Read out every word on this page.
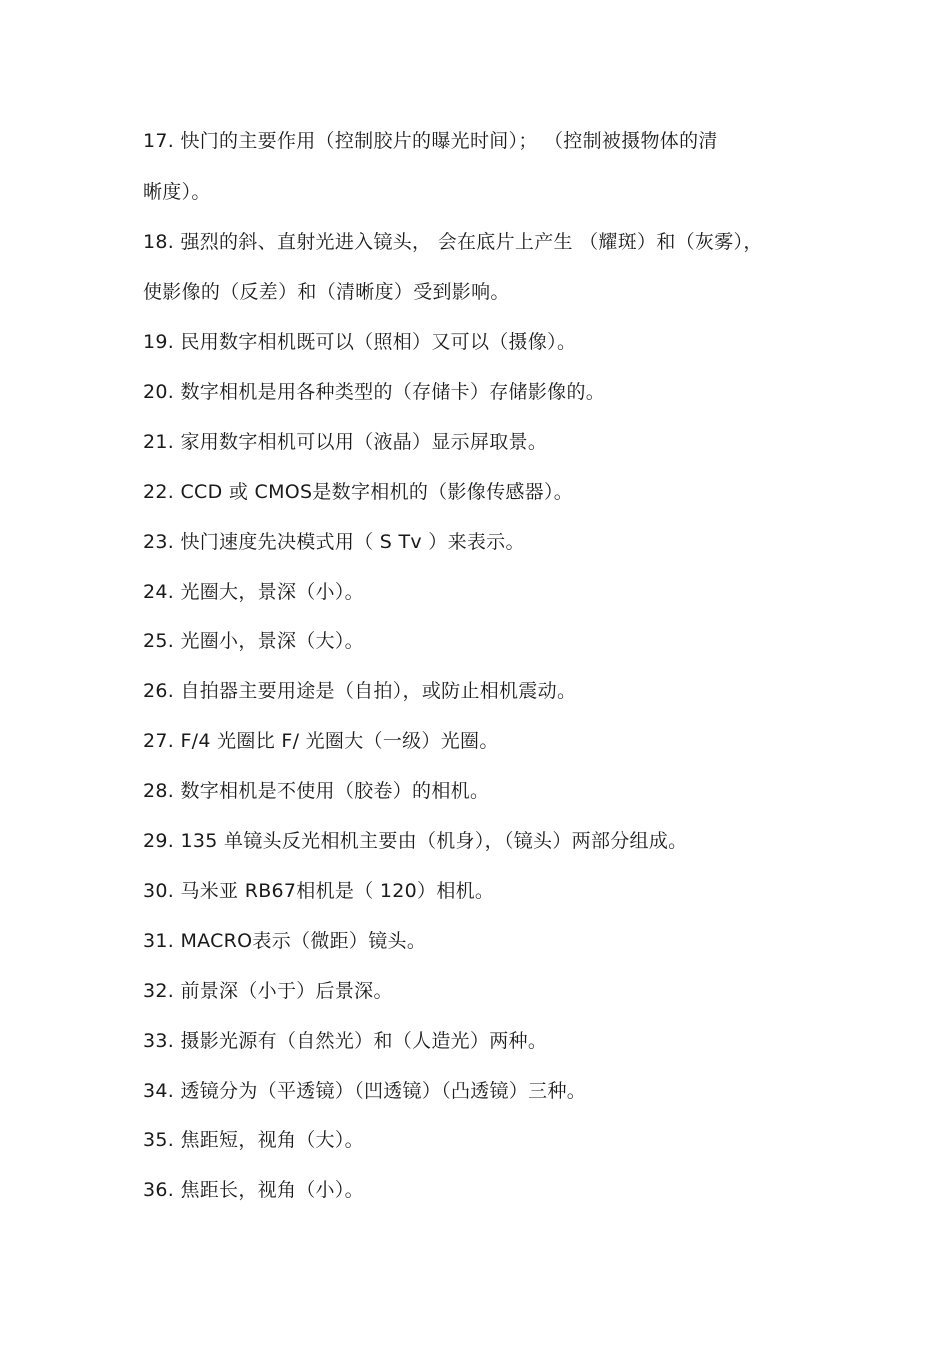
17. 快门的主要作用（控制胶片的曝光时间）； （控制被摄物体的清
晰度）。
18. 强烈的斜、直射光进入镜头， 会在底片上产生 （耀斑）和（灰雾），
使影像的（反差）和（清晰度）受到影响。
19. 民用数字相机既可以（照相）又可以（摄像）。
20. 数字相机是用各种类型的（存储卡）存储影像的。
21. 家用数字相机可以用（液晶）显示屏取景。
22. CCD 或 CMOS是数字相机的（影像传感器）。
23. 快门速度先决模式用（ S Tv ）来表示。
24. 光圈大，景深（小）。
25. 光圈小，景深（大）。
26. 自拍器主要用途是（自拍），或防止相机震动。
27. F/4 光圈比 F/ 光圈大（一级）光圈。
28. 数字相机是不使用（胶卷）的相机。
29. 135 单镜头反光相机主要由（机身），（镜头）两部分组成。
30. 马米亚 RB67相机是（ 120）相机。
31. MACRO表示（微距）镜头。
32. 前景深（小于）后景深。
33. 摄影光源有（自然光）和（人造光）两种。
34. 透镜分为（平透镜）（凹透镜）（凸透镜）三种。
35. 焦距短，视角（大）。
36. 焦距长，视角（小）。
